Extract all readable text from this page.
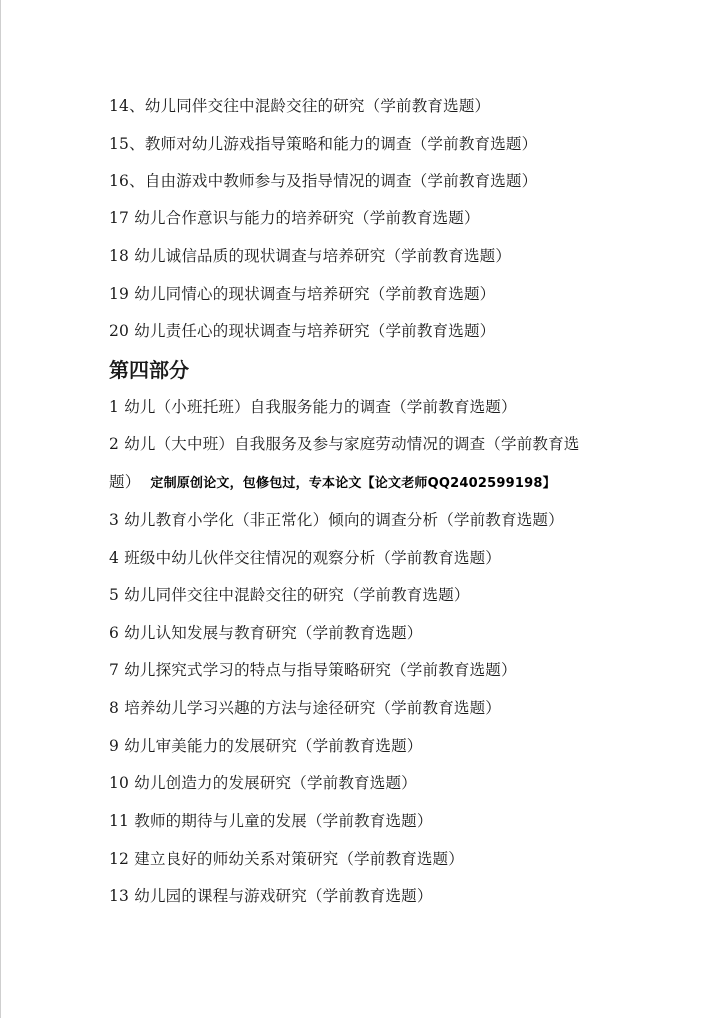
14、幼儿同伴交往中混龄交往的研究（学前教育选题）

15、教师对幼儿游戏指导策略和能力的调查（学前教育选题）

16、自由游戏中教师参与及指导情况的调查（学前教育选题）

17 幼儿合作意识与能力的培养研究（学前教育选题）

18 幼儿诚信品质的现状调查与培养研究（学前教育选题）

19 幼儿同情心的现状调查与培养研究（学前教育选题）

20 幼儿责任心的现状调查与培养研究（学前教育选题）

第四部分

1 幼儿（小班托班）自我服务能力的调查（学前教育选题）

2 幼儿（大中班）自我服务及参与家庭劳动情况的调查（学前教育选

题） 定制原创论文，包修包过，专本论文【论文老师QQ2402599198】

3 幼儿教育小学化（非正常化）倾向的调查分析（学前教育选题）

4 班级中幼儿伙伴交往情况的观察分析（学前教育选题）

5 幼儿同伴交往中混龄交往的研究（学前教育选题）

6 幼儿认知发展与教育研究（学前教育选题）

7 幼儿探究式学习的特点与指导策略研究（学前教育选题）

8 培养幼儿学习兴趣的方法与途径研究（学前教育选题）

9 幼儿审美能力的发展研究（学前教育选题）

10 幼儿创造力的发展研究（学前教育选题）

11 教师的期待与儿童的发展（学前教育选题）

12 建立良好的师幼关系对策研究（学前教育选题）

13 幼儿园的课程与游戏研究（学前教育选题）
